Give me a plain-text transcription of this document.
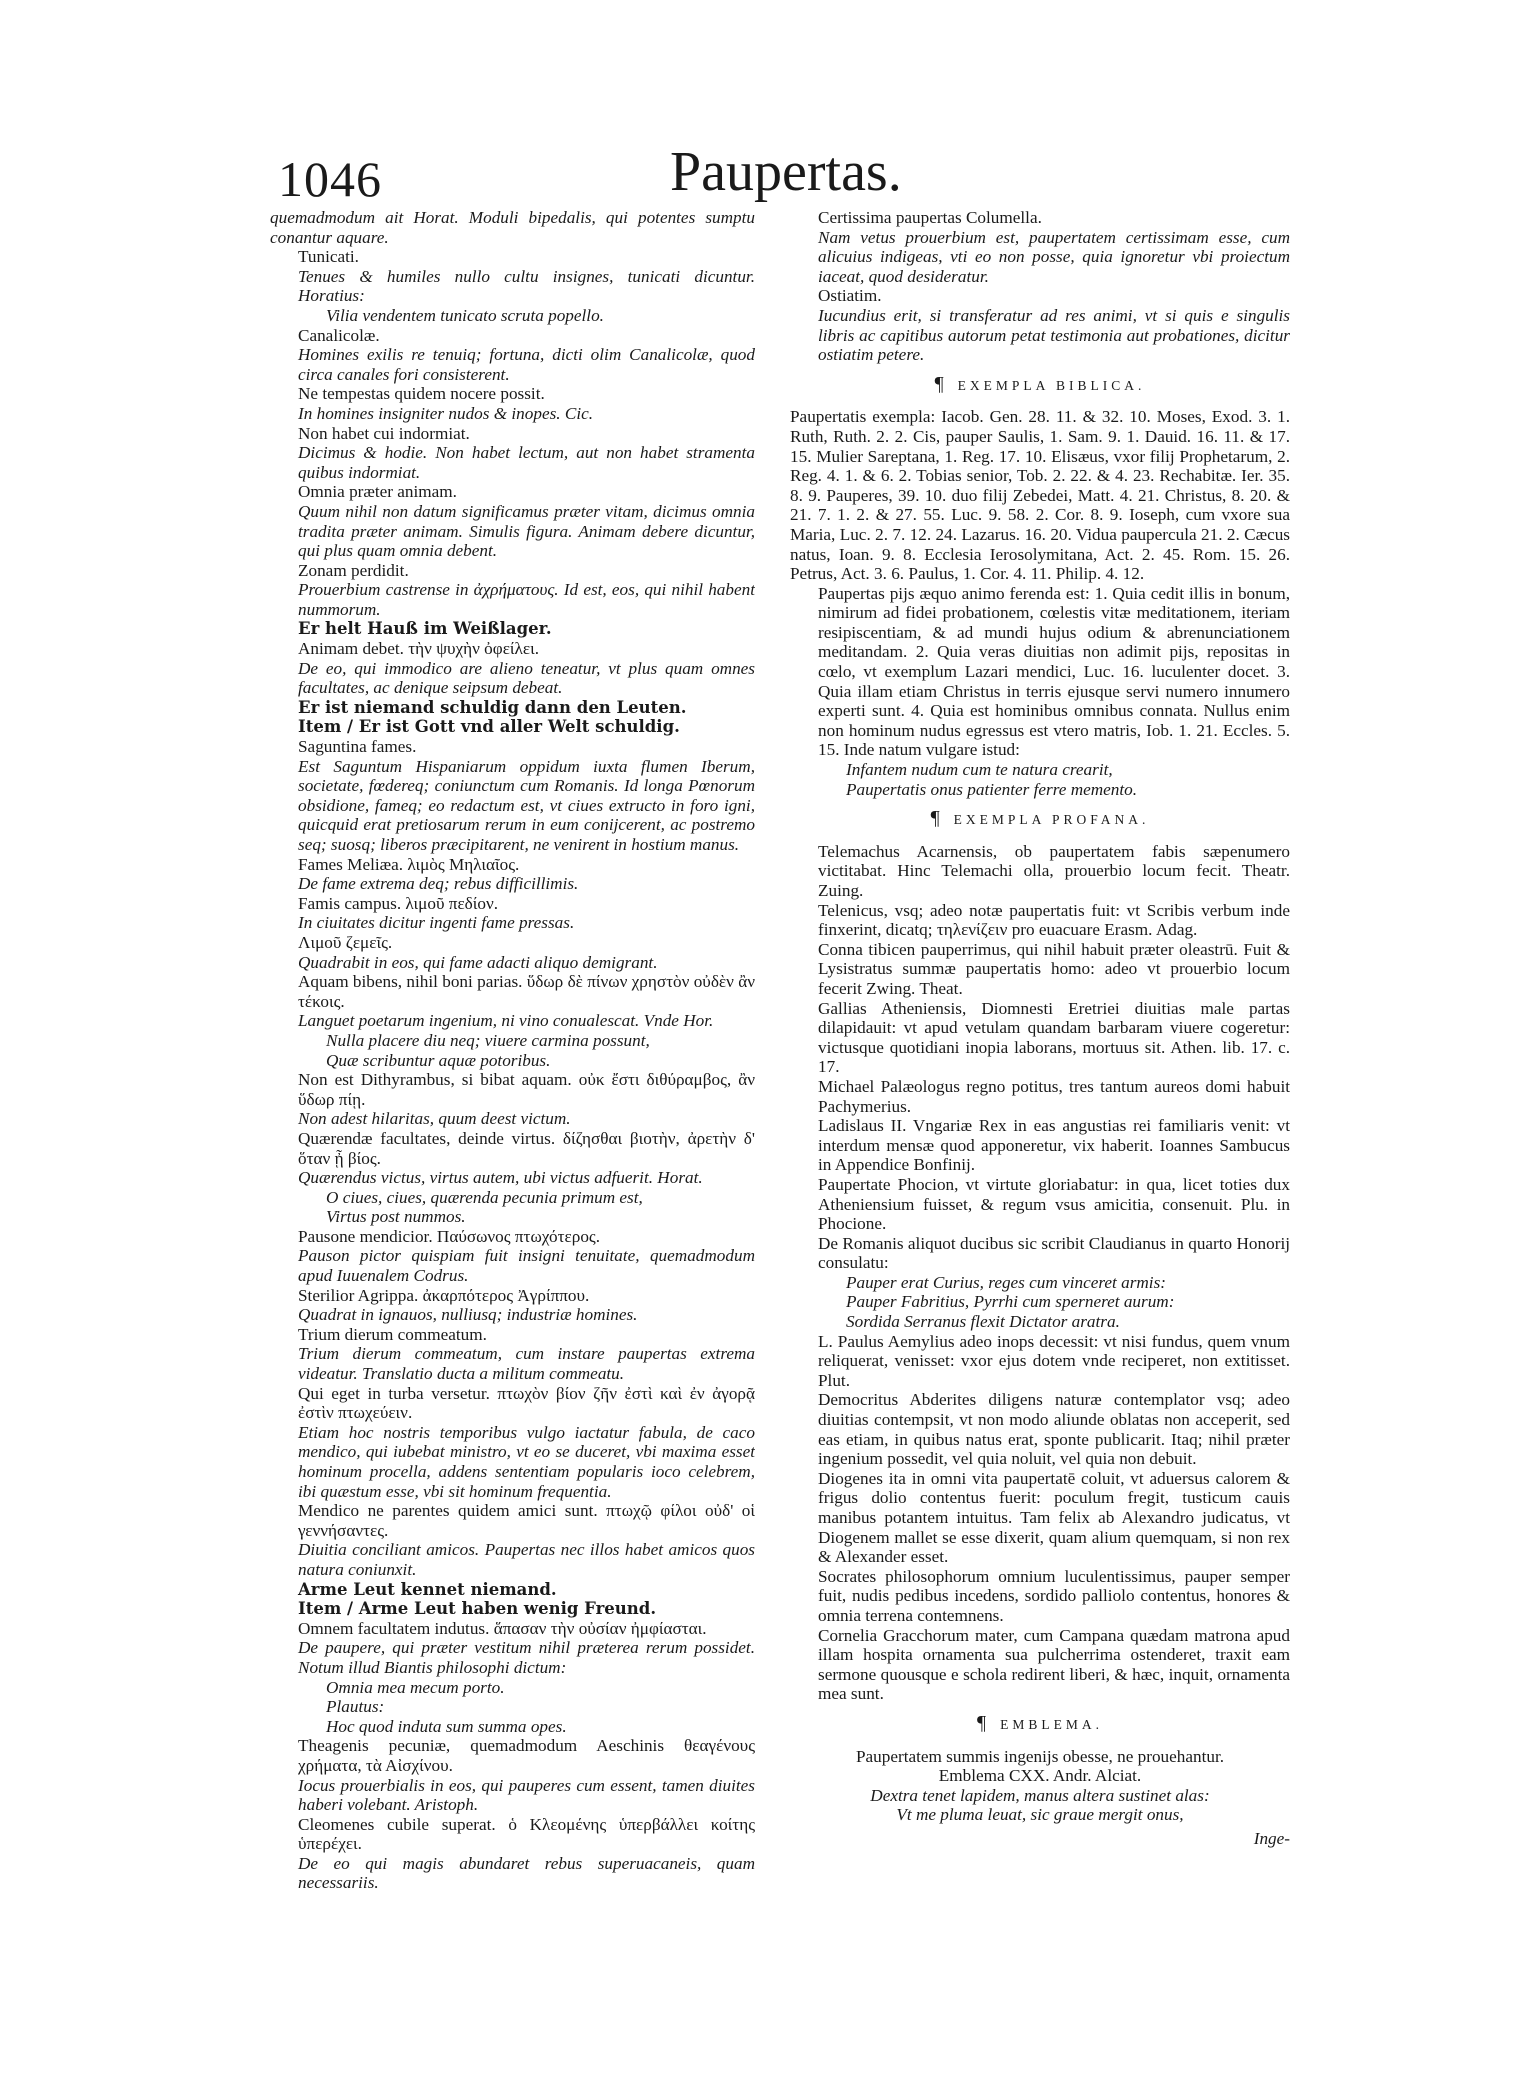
1046	Paupertas.

quemadmodum ait Horat. Moduli bipedalis, qui potentes sumptu conantur aquare.

Tunicati.

Tenues & humiles nullo cultu insignes, tunicati dicuntur. Horatius:

Vilia vendentem tunicato scruta popello.

Canalicolæ.

Homines exilis re tenuiq; fortuna, dicti olim Canalicolæ, quod circa canales fori consisterent.

Ne tempestas quidem nocere possit.

In homines insigniter nudos & inopes. Cic.

Non habet cui indormiat.

Dicimus & hodie. Non habet lectum, aut non habet stramenta quibus indormiat.

Omnia præter animam.

Quum nihil non datum significamus præter vitam, dicimus omnia tradita præter animam. Simulis figura. Animam debere dicuntur, qui plus quam omnia debent.

Zonam perdidit.

Prouerbium castrense in ἀχρήματους. Id est, eos, qui nihil habent nummorum.

Er helt Hauß im Weißlager.

Animam debet. τὴν ψυχὴν ὀφείλει.

De eo, qui immodico are alieno teneatur, vt plus quam omnes facultates, ac denique seipsum debeat.

Er ist niemand schuldig dann den Leuten.

Item / Er ist Gott vnd aller Welt schuldig.

Saguntina fames.

Est Saguntum Hispaniarum oppidum iuxta flumen Iberum, societate, fœdereq; coniunctum cum Romanis. Id longa Pœnorum obsidione, fameq; eo redactum est, vt ciues extructo in foro igni, quicquid erat pretiosarum rerum in eum conijcerent, ac postremo seq; suosq; liberos præcipitarent, ne venirent in hostium manus.

Fames Meliæa. λιμὸς Μηλιαῖος.

De fame extrema deq; rebus difficillimis.

Famis campus. λιμοῦ πεδίον.

In ciuitates dicitur ingenti fame pressas.

Λιμοῦ ζεμεῖς.

Quadrabit in eos, qui fame adacti aliquo demigrant.

Aquam bibens, nihil boni parias. ὕδωρ δὲ πίνων χρηστὸν οὐδὲν ἂν τέκοις.

Languet poetarum ingenium, ni vino conualescat. Vnde Hor.

Nulla placere diu neq; viuere carmina possunt,

Quæ scribuntur aquæ potoribus.

Non est Dithyrambus, si bibat aquam. οὐκ ἔστι διθύραμβος, ἂν ὕδωρ πίῃ.

Non adest hilaritas, quum deest victum.

Quærendæ facultates, deinde virtus. δίζησθαι βιοτὴν, ἀρετὴν δ' ὅταν ᾖ βίος.

Quærendus victus, virtus autem, ubi victus adfuerit. Horat.

O ciues, ciues, quærenda pecunia primum est,

Virtus post nummos.

Pausone mendicior. Παύσωνος πτωχότερος.

Pauson pictor quispiam fuit insigni tenuitate, quemadmodum apud Iuuenalem Codrus.

Sterilior Agrippa. ἀκαρπότερος Ἀγρίππου.

Quadrat in ignauos, nulliusq; industriæ homines.

Trium dierum commeatum.

Trium dierum commeatum, cum instare paupertas extrema videatur. Translatio ducta a militum commeatu.

Qui eget in turba versetur. πτωχὸν βίον ζῆν ἐστὶ καὶ ἐν ἀγορᾷ ἐστὶν πτωχεύειν.

Etiam hoc nostris temporibus vulgo iactatur fabula, de caco mendico, qui iubebat ministro, vt eo se duceret, vbi maxima esset hominum procella, addens sententiam popularis ioco celebrem, ibi quæstum esse, vbi sit hominum frequentia.

Mendico ne parentes quidem amici sunt. πτωχῷ φίλοι οὐδ' οἱ γεννήσαντες.

Diuitia conciliant amicos. Paupertas nec illos habet amicos quos natura coniunxit.

Arme Leut kennet niemand.

Item / Arme Leut haben wenig Freund.

Omnem facultatem indutus. ἅπασαν τὴν οὐσίαν ἠμφίασται.

De paupere, qui præter vestitum nihil præterea rerum possidet. Notum illud Biantis philosophi dictum:

Omnia mea mecum porto.

Plautus:

Hoc quod induta sum summa opes.

Theagenis pecuniæ, quemadmodum Aeschinis θεαγένους χρήματα, τὰ Αἰσχίνου.

Iocus prouerbialis in eos, qui pauperes cum essent, tamen diuites haberi volebant. Aristoph.

Cleomenes cubile superat. ὁ Κλεομένης ὑπερβάλλει κοίτης ὑπερέχει.

De eo qui magis abundaret rebus superuacaneis, quam necessariis.

Certissima paupertas Columella.

Nam vetus prouerbium est, paupertatem certissimam esse, cum alicuius indigeas, vti eo non posse, quia ignoretur vbi proiectum iaceat, quod desideratur.

Ostiatim.

Iucundius erit, si transferatur ad res animi, vt si quis e singulis libris ac capitibus autorum petat testimonia aut probationes, dicitur ostiatim petere.

¶ EXEMPLA BIBLICA.

Paupertatis exempla: Iacob. Gen. 28. 11. & 32. 10. Moses, Exod. 3. 1. Ruth, Ruth. 2. 2. Cis, pauper Saulis, 1. Sam. 9. 1. Dauid. 16. 11. & 17. 15. Mulier Sareptana, 1. Reg. 17. 10. Elisæus, vxor filij Prophetarum, 2. Reg. 4. 1. & 6. 2. Tobias senior, Tob. 2. 22. & 4. 23. Rechabitæ. Ier. 35. 8. 9. Pauperes, 39. 10. duo filij Zebedei, Matt. 4. 21. Christus, 8. 20. & 21. 7. 1. 2. & 27. 55. Luc. 9. 58. 2. Cor. 8. 9. Ioseph, cum vxore sua Maria, Luc. 2. 7. 12. 24. Lazarus. 16. 20. Vidua paupercula 21. 2. Cæcus natus, Ioan. 9. 8. Ecclesia Ierosolymitana, Act. 2. 45. Rom. 15. 26. Petrus, Act. 3. 6. Paulus, 1. Cor. 4. 11. Philip. 4. 12.

Paupertas pijs æquo animo ferenda est: 1. Quia cedit illis in bonum, nimirum ad fidei probationem, cœlestis vitæ meditationem, iteriam resipiscentiam, & ad mundi hujus odium & abrenunciationem meditandam. 2. Quia veras diuitias non adimit pijs, repositas in cœlo, vt exemplum Lazari mendici, Luc. 16. luculenter docet. 3. Quia illam etiam Christus in terris ejusque servi numero innumero experti sunt. 4. Quia est hominibus omnibus connata. Nullus enim non hominum nudus egressus est vtero matris, Iob. 1. 21. Eccles. 5. 15. Inde natum vulgare istud:

Infantem nudum cum te natura crearit,

Paupertatis onus patienter ferre memento.

¶ EXEMPLA PROFANA.

Telemachus Acarnensis, ob paupertatem fabis sæpenumero victitabat. Hinc Telemachi olla, prouerbio locum fecit. Theatr. Zuing.

Telenicus, vsq; adeo notæ paupertatis fuit: vt Scribis verbum inde finxerint, dicatq; τηλενίζειν pro euacuare Erasm. Adag.

Conna tibicen pauperrimus, qui nihil habuit præter oleastrū. Fuit & Lysistratus summæ paupertatis homo: adeo vt prouerbio locum fecerit Zwing. Theat.

Gallias Atheniensis, Diomnesti Eretriei diuitias male partas dilapidauit: vt apud vetulam quandam barbaram viuere cogeretur: victusque quotidiani inopia laborans, mortuus sit. Athen. lib. 17. c. 17.

Michael Palæologus regno potitus, tres tantum aureos domi habuit Pachymerius.

Ladislaus II. Vngariæ Rex in eas angustias rei familiaris venit: vt interdum mensæ quod apponeretur, vix haberit. Ioannes Sambucus in Appendice Bonfinij.

Paupertate Phocion, vt virtute gloriabatur: in qua, licet toties dux Atheniensium fuisset, & regum vsus amicitia, consenuit. Plu. in Phocione.

De Romanis aliquot ducibus sic scribit Claudianus in quarto Honorij consulatu:

Pauper erat Curius, reges cum vinceret armis:

Pauper Fabritius, Pyrrhi cum sperneret aurum:

Sordida Serranus flexit Dictator aratra.

L. Paulus Aemylius adeo inops decessit: vt nisi fundus, quem vnum reliquerat, venisset: vxor ejus dotem vnde reciperet, non extitisset. Plut.

Democritus Abderites diligens naturæ contemplator vsq; adeo diuitias contempsit, vt non modo aliunde oblatas non acceperit, sed eas etiam, in quibus natus erat, sponte publicarit. Itaq; nihil præter ingenium possedit, vel quia noluit, vel quia non debuit.

Diogenes ita in omni vita paupertatē coluit, vt aduersus calorem & frigus dolio contentus fuerit: poculum fregit, tusticum cauis manibus potantem intuitus. Tam felix ab Alexandro judicatus, vt Diogenem mallet se esse dixerit, quam alium quemquam, si non rex & Alexander esset.

Socrates philosophorum omnium luculentissimus, pauper semper fuit, nudis pedibus incedens, sordido palliolo contentus, honores & omnia terrena contemnens.

Cornelia Gracchorum mater, cum Campana quædam matrona apud illam hospita ornamenta sua pulcherrima ostenderet, traxit eam sermone quousque e schola redirent liberi, & hæc, inquit, ornamenta mea sunt.

¶ EMBLEMA.

Paupertatem summis ingenijs obesse, ne prouehantur.

Emblema CXX. Andr. Alciat.

Dextra tenet lapidem, manus altera sustinet alas:

Vt me pluma leuat, sic graue mergit onus,

Inge-
